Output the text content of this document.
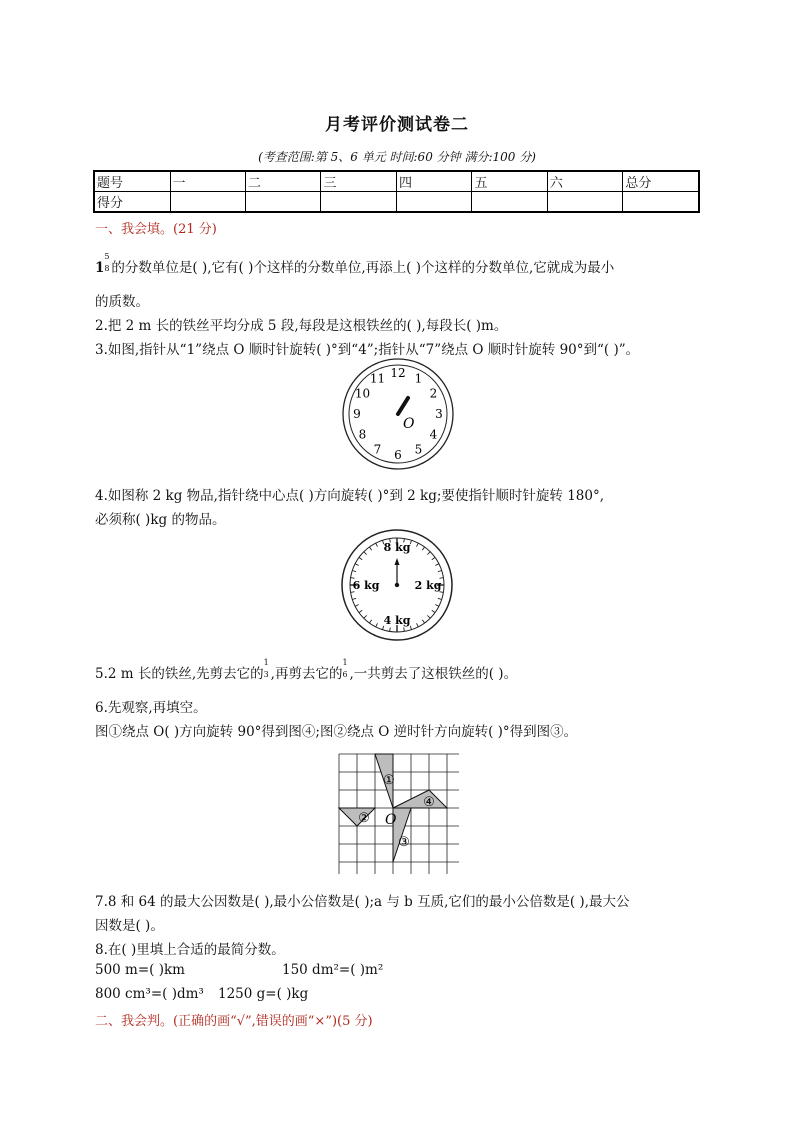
月考评价测试卷二
(考查范围:第 5、6 单元 时间:60 分钟 满分:100 分)
题号	一	二	三	四	五	六	总分
得分							
一、我会填。(21 分)
1
5
8 的分数单位是( ),它有( )个这样的分数单位,再添上( )个这样的分数单位,它就成为最小
的质数。
2.把 2 m 长的铁丝平均分成 5 段,每段是这根铁丝的( ),每段长( )m。
3.如图,指针从“1”绕点 O 顺时针旋转( )°到“4”;指针从“7”绕点 O 顺时针旋转 90°到“( )”。
12 1
2
3
4
5
6
7
8
9
10
11
O
4.如图称 2 kg 物品,指针绕中心点( )方向旋转( )°到 2 kg;要使指针顺时针旋转 180°,
必须称( )kg 的物品。
8 kg
2 kg
4 kg
6 kg
5.2 m 长的铁丝,先剪去它的
1
3 ,再剪去它的
1
6 ,一共剪去了这根铁丝的( )。
6.先观察,再填空。
图①绕点 O( )方向旋转 90°得到图④;图②绕点 O 逆时针方向旋转( )°得到图③。
①
②
③
④
O
7.8 和 64 的最大公因数是( ),最小公倍数是( );a 与 b 互质,它们的最小公倍数是( ),最大公
因数是( )。
8.在( )里填上合适的最简分数。
500 m=( )km	150 dm²=( )m²
800 cm³=( )dm³ 1250 g=( )kg
二、我会判。(正确的画“√”,错误的画“×”)(5 分)
